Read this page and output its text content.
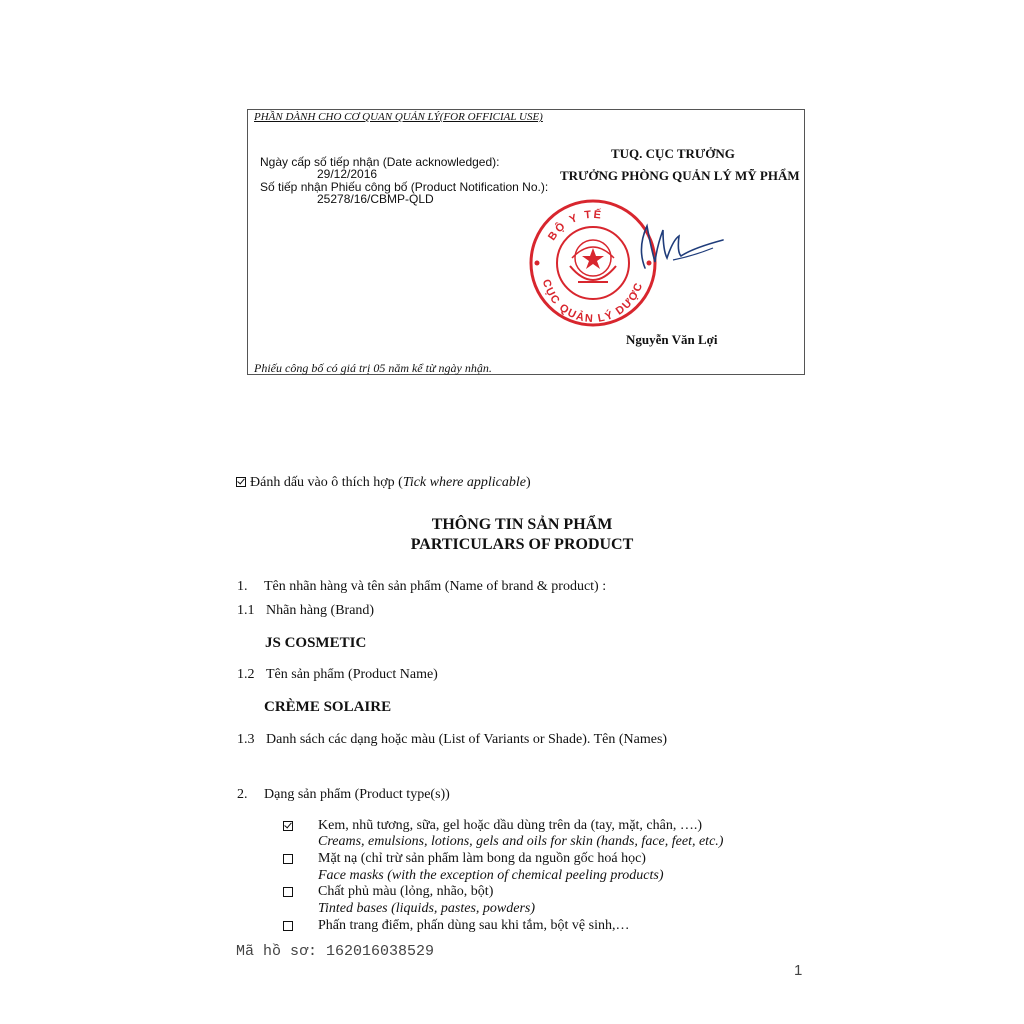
PHẦN DÀNH CHO CƠ QUAN QUẢN LÝ(FOR OFFICIAL USE)
Ngày cấp số tiếp nhận (Date acknowledged):
29/12/2016
Số tiếp nhận Phiếu công bố (Product Notification No.):
25278/16/CBMP-QLD
TUQ. CỤC TRƯỞNG
TRƯỞNG PHÒNG QUẢN LÝ MỸ PHẨM
BỘ Y TẾ
CỤC QUẢN LÝ DƯỢC
Nguyễn Văn Lợi
Phiếu công bố có giá trị 05 năm kể từ ngày nhận.
Đánh dấu vào ô thích hợp (Tick where applicable)
THÔNG TIN SẢN PHẨM
PARTICULARS OF PRODUCT
1. Tên nhãn hàng và tên sản phẩm (Name of brand & product) :
1.1 Nhãn hàng (Brand)
JS COSMETIC
1.2 Tên sản phẩm (Product Name)
CRÈME SOLAIRE
1.3 Danh sách các dạng hoặc màu (List of Variants or Shade). Tên (Names)
2. Dạng sản phẩm (Product type(s))
Kem, nhũ tương, sữa, gel hoặc dầu dùng trên da (tay, mặt, chân, ….)
Creams, emulsions, lotions, gels and oils for skin (hands, face, feet, etc.)
Mặt nạ (chỉ trừ sản phẩm làm bong da nguồn gốc hoá học)
Face masks (with the exception of chemical peeling products)
Chất phủ màu (lỏng, nhão, bột)
Tinted bases (liquids, pastes, powders)
Phấn trang điểm, phấn dùng sau khi tắm, bột vệ sinh,…
Mã hồ sơ: 162016038529
1
